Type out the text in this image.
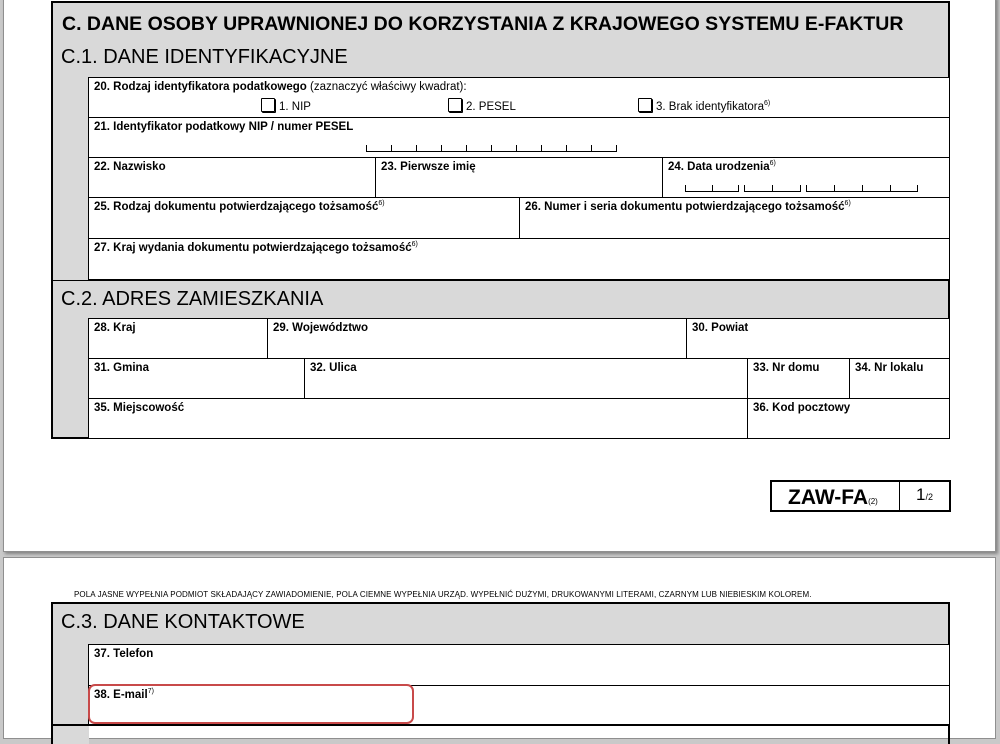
C. DANE OSOBY UPRAWNIONEJ DO KORZYSTANIA Z KRAJOWEGO SYSTEMU E-FAKTUR
C.1. DANE IDENTYFIKACYJNE
20. Rodzaj identyfikatora podatkowego (zaznaczyć właściwy kwadrat):
1. NIP	2. PESEL	3. Brak identyfikatora$^{6)}$
21. Identyfikator podatkowy NIP / numer PESEL
22. Nazwisko	23. Pierwsze imię	24. Data urodzenia$^{6)}$
25. Rodzaj dokumentu potwierdzającego tożsamość$^{6)}$	26. Numer i seria dokumentu potwierdzającego tożsamość$^{6)}$
27. Kraj wydania dokumentu potwierdzającego tożsamość$^{6)}$
C.2. ADRES ZAMIESZKANIA
28. Kraj	29. Województwo	30. Powiat
31. Gmina	32. Ulica	33. Nr domu	34. Nr lokalu
35. Miejscowość	36. Kod pocztowy
ZAW-FA(2) 1/2
POLA JASNE WYPEŁNIA PODMIOT SKŁADAJĄCY ZAWIADOMIENIE, POLA CIEMNE WYPEŁNIA URZĄD. WYPEŁNIĆ DUŻYMI, DRUKOWANYMI LITERAMI, CZARNYM LUB NIEBIESKIM KOLOREM.
C.3. DANE KONTAKTOWE
37. Telefon
38. E-mail$^{7)}$
